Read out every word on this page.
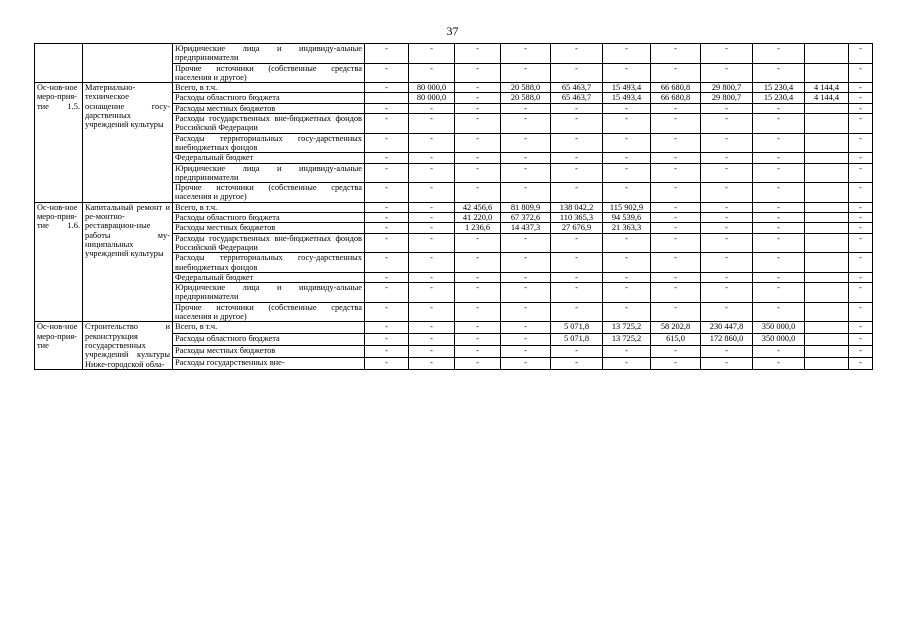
37
		Юридические лица и индивиду-альные предприниматели	-	-	-	-	-	-	-	-	-		-
		Прочие источники (собственные средства населения и другое)	-	-	-	-	-	-	-	-	-		-
Ос-нов-ное меро-прия-тие 1.5.	Материально-техническое оснащение госу-дарственных учреждений культуры	Всего, в т.ч.	-	80 000,0	-	20 588,0	65 463,7	15 493,4	66 680,8	29 800,7	15 230,4	4 144,4	-
		Расходы областного бюджета		80 000,0	-	20 588,0	65 463,7	15 493,4	66 680,8	29 800,7	15 230,4	4 144,4	-
		Расходы местных бюджетов	-	-	-	-	-	-	-	-	-		-
		Расходы государственных вне-бюджетных фондов Российской Федерации	-	-	-	-	-	-	-	-	-		-
		Расходы территориальных госу-дарственных внебюджетных фондов	-	-	-	-	-	-	-	-	-		-
		Федеральный бюджет	-	-	-	-	-	-	-	-	-		-
		Юридические лица и индивиду-альные предприниматели	-	-	-	-	-	-	-	-	-		-
		Прочие источники (собственные средства населения и другое)	-	-	-	-	-	-	-	-	-		-
Ос-нов-ное меро-прия-тие 1.6.	Капитальный ремонт и ре-монтно-реставрацион-ные работы му-ниципальных учреждений культуры	Всего, в т.ч.	-	-	42 456,6	81 809,9	138 042,2	115 902,9	-	-	-		-
		Расходы областного бюджета	-	-	41 220,0	67 372,6	110 365,3	94 539,6	-	-	-		-
		Расходы местных бюджетов	-	-	1 236,6	14 437,3	27 676,9	21 363,3	-	-	-		-
		Расходы государственных вне-бюджетных фондов Российской Федерации	-	-	-	-	-	-	-	-	-		-
		Расходы территориальных госу-дарственных внебюджетных фондов	-	-	-	-	-	-	-	-	-		-
		Федеральный бюджет	-	-	-	-	-	-	-	-	-		-
		Юридические лица и индивиду-альные предприниматели	-	-	-	-	-	-	-	-	-		-
		Прочие источники (собственные средства населения и другое)	-	-	-	-	-	-	-	-	-		-
Ос-нов-ное меро-прия-тие	Строительство и реконструкция государственных учреждений культуры Ниже-городской обла-	Всего, в т.ч.	-	-	-	-	5 071,8	13 725,2	58 202,8	230 447,8	350 000,0		-
		Расходы областного бюджета	-	-	-	-	5 071,8	13 725,2	615,0	172 860,0	350 000,0		-
		Расходы местных бюджетов	-	-	-	-	-	-	-	-	-		-
		Расходы государственных вне-	-	-	-	-	-	-	-	-	-		-
